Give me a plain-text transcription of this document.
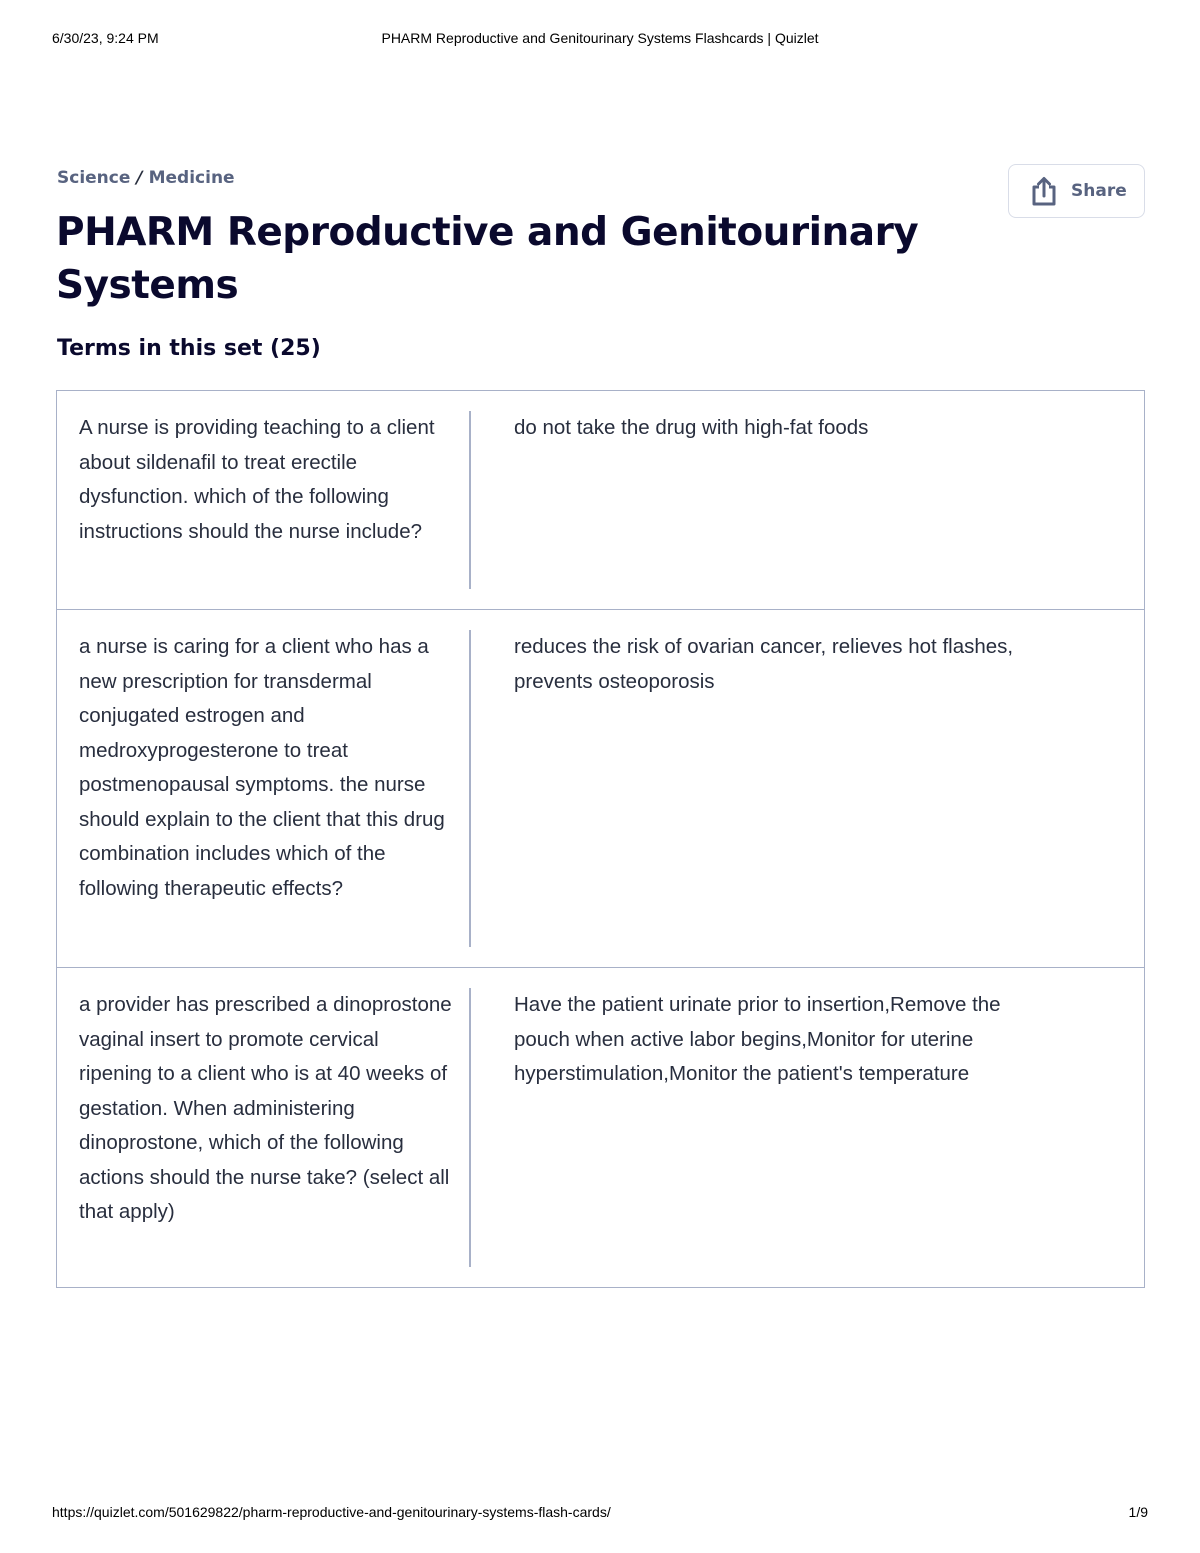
6/30/23, 9:24 PM	PHARM Reproductive and Genitourinary Systems Flashcards | Quizlet
Science / Medicine
Share
PHARM Reproductive and Genitourinary Systems
Terms in this set (25)
A nurse is providing teaching to a client about sildenafil to treat erectile dysfunction. which of the following instructions should the nurse include?
do not take the drug with high-fat foods
a nurse is caring for a client who has a new prescription for transdermal conjugated estrogen and medroxyprogesterone to treat postmenopausal symptoms. the nurse should explain to the client that this drug combination includes which of the following therapeutic effects?
reduces the risk of ovarian cancer, relieves hot flashes, prevents osteoporosis
a provider has prescribed a dinoprostone vaginal insert to promote cervical ripening to a client who is at 40 weeks of gestation. When administering dinoprostone, which of the following actions should the nurse take? (select all that apply)
Have the patient urinate prior to insertion,Remove the pouch when active labor begins,Monitor for uterine hyperstimulation,Monitor the patient's temperature
https://quizlet.com/501629822/pharm-reproductive-and-genitourinary-systems-flash-cards/	1/9
